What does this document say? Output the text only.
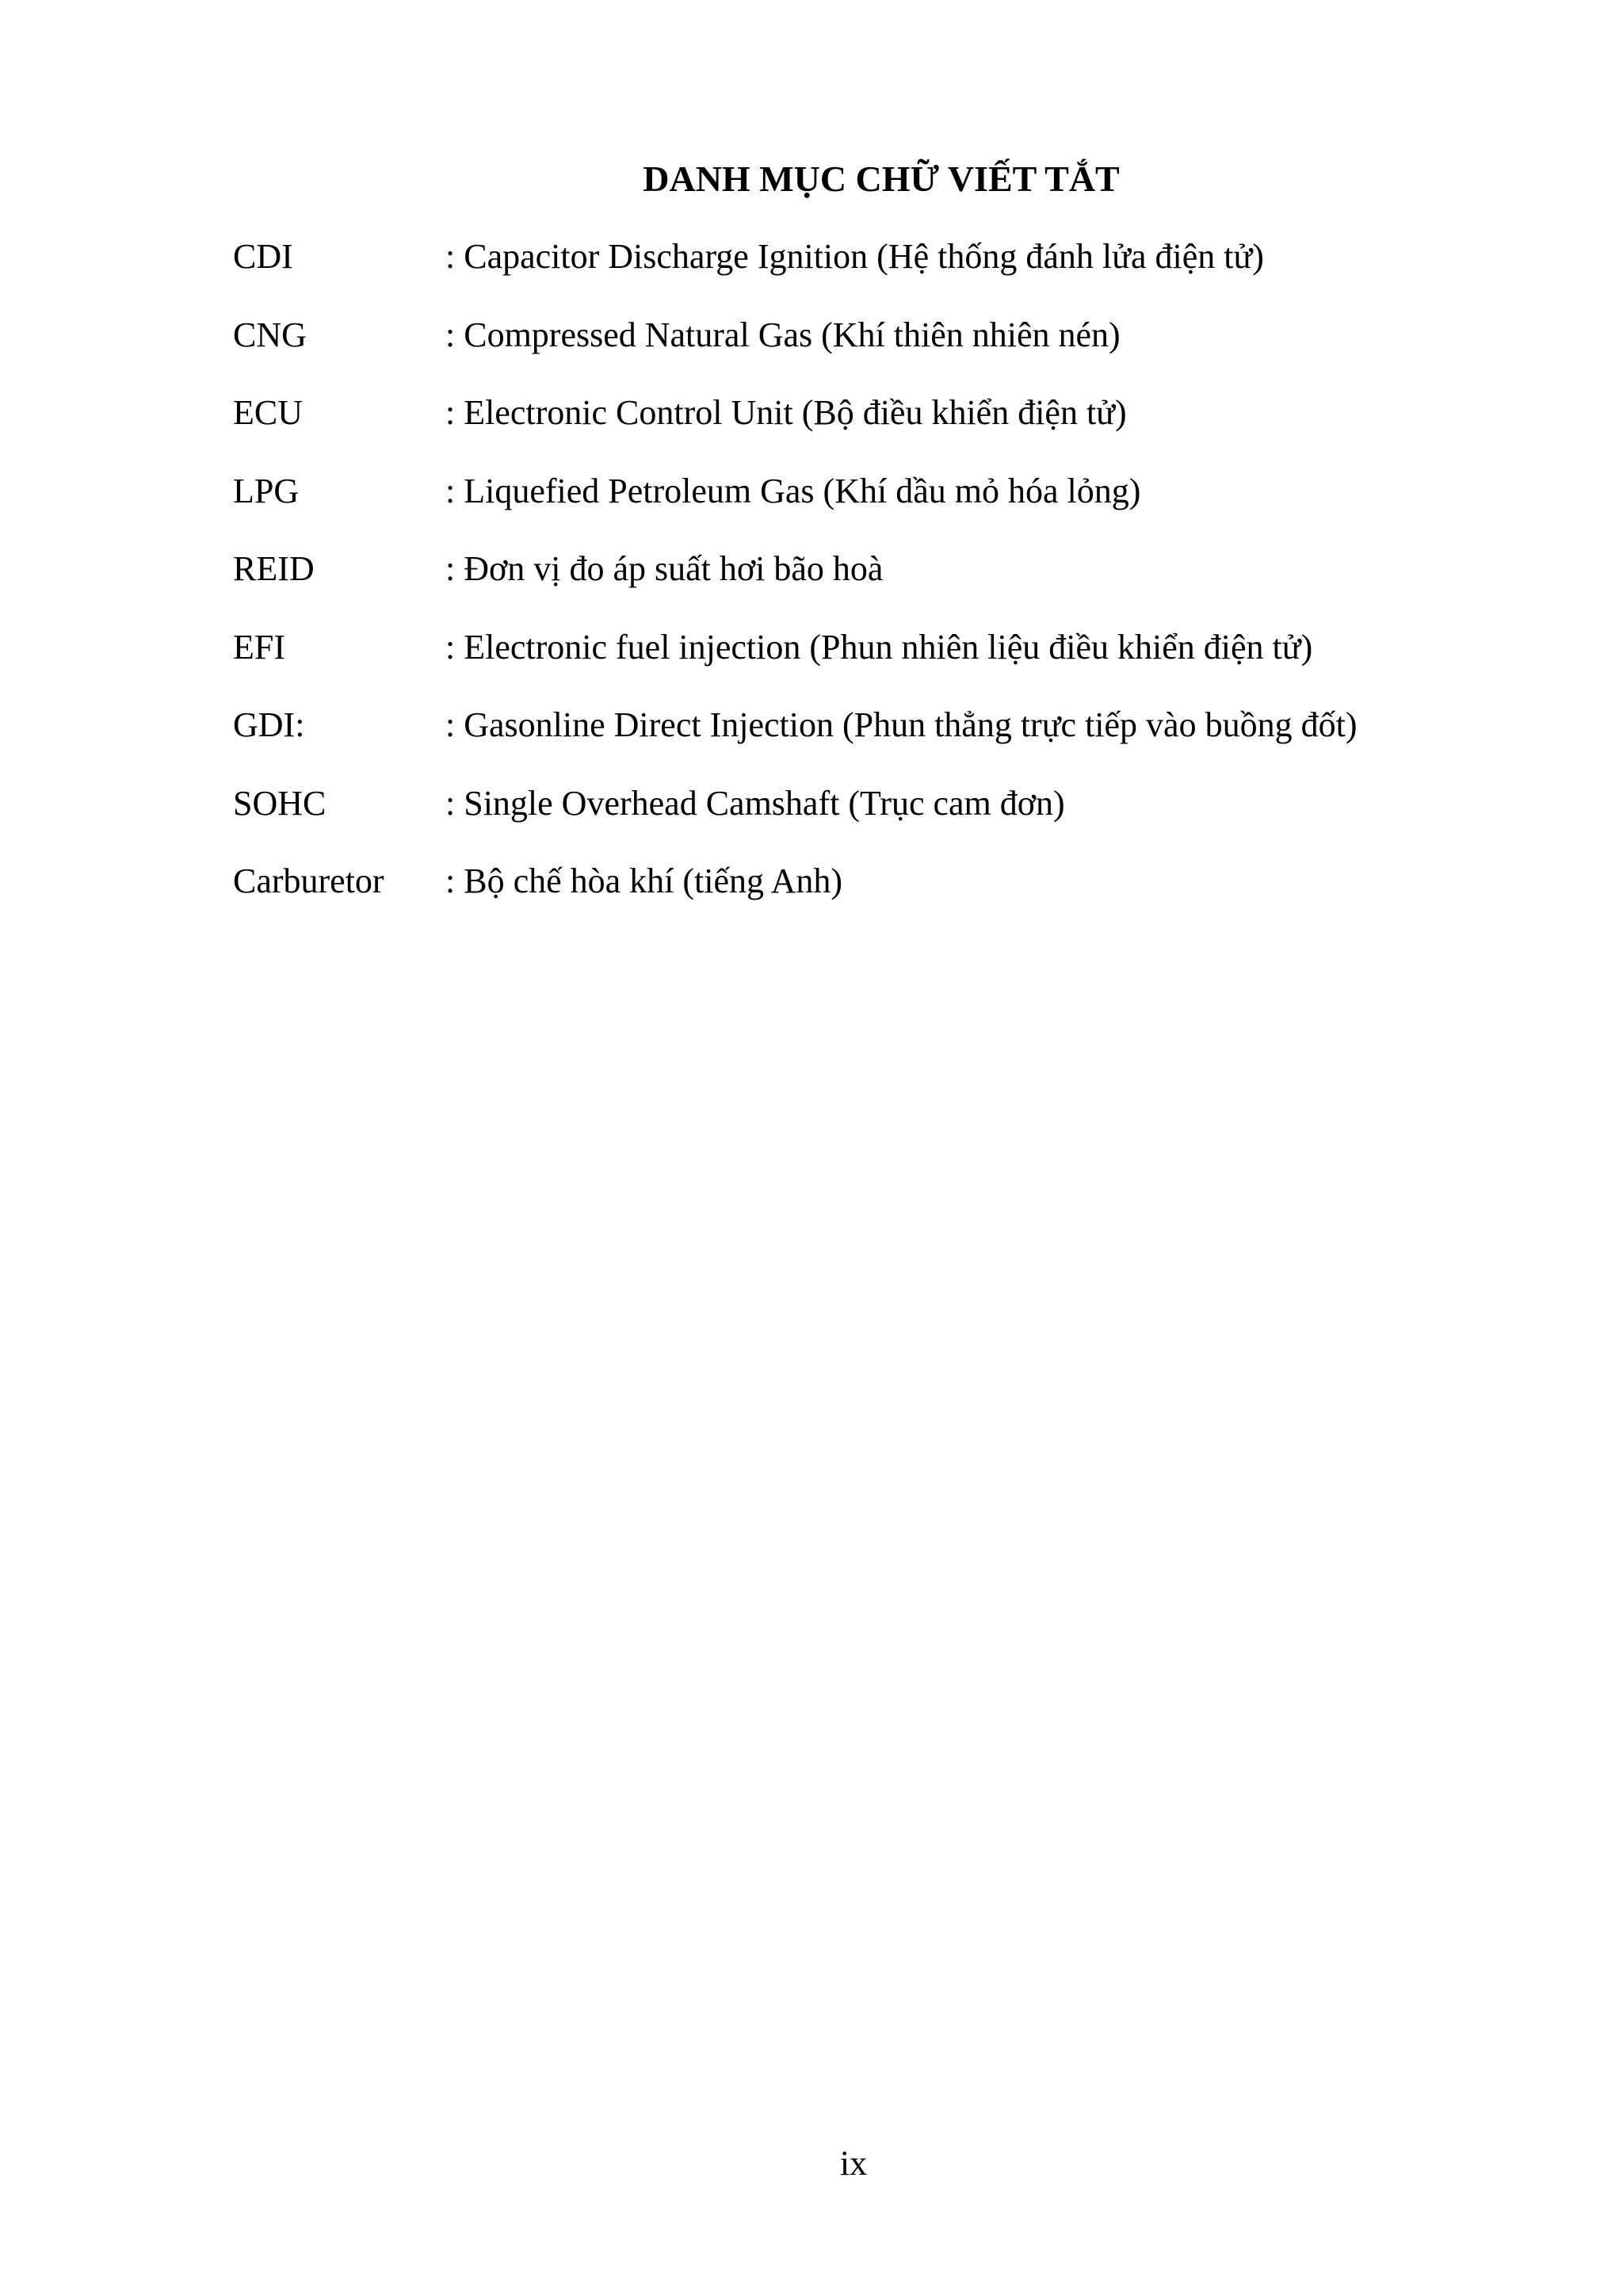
DANH MỤC CHỮ VIẾT TẮT
CDI	: Capacitor Discharge Ignition (Hệ thống đánh lửa điện tử)
CNG	: Compressed Natural Gas (Khí thiên nhiên nén)
ECU	: Electronic Control Unit (Bộ điều khiển điện tử)
LPG	: Liquefied Petroleum Gas (Khí dầu mỏ hóa lỏng)
REID	: Đơn vị đo áp suất hơi bão hoà
EFI	: Electronic fuel injection (Phun nhiên liệu điều khiển điện tử)
GDI:	: Gasonline Direct Injection (Phun thẳng trực tiếp vào buồng đốt)
SOHC	: Single Overhead Camshaft (Trục cam đơn)
Carburetor	: Bộ chế hòa khí (tiếng Anh)
ix
